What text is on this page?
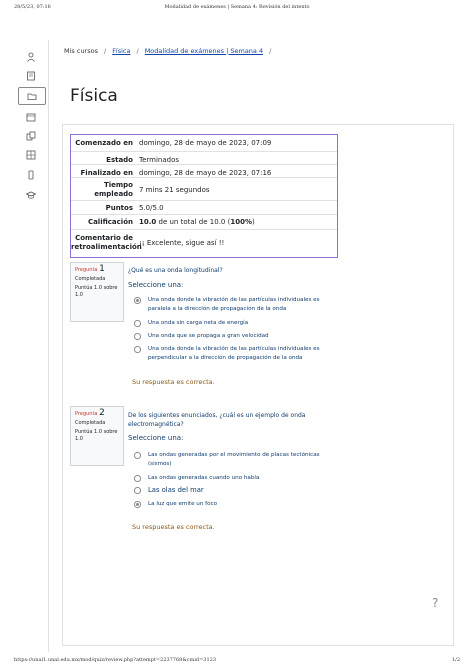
28/5/23, 07:16	Modalidad de exámenes | Semana 4: Revisión del intento
https://unal1.unal.edu.mx/mod/quiz/review.php?attempt=2237768&cmid=3123	1/2
Mis cursos / Física / Modalidad de exámenes | Semana 4 /
Física
Comenzado en domingo, 28 de mayo de 2023, 07:09
Estado Terminados
Finalizado en domingo, 28 de mayo de 2023, 07:16
Tiempo empleado
7 mins 21 segundos
Puntos 5.0/5.0
Calificación 10.0 de un total de 10.0 (100%)
Comentario de retroalimentación
¡¡ Excelente, sigue así !!
Pregunta 1
Completada
Puntúa 1.0 sobre 1.0
¿Qué es una onda longitudinal?
Seleccione una:
Una onda donde la vibración de las partículas individuales es paralela a la dirección de propagación de la onda
Una onda sin carga neta de energía
Una onda que se propaga a gran velocidad
Una onda donde la vibración de las partículas individuales es perpendicular a la dirección de propagación de la onda
Su respuesta es correcta.
Pregunta 2
Completada
Puntúa 1.0 sobre 1.0
De los siguientes enunciados, ¿cuál es un ejemplo de onda electromagnética?
Seleccione una:
Las ondas generadas por el movimiento de placas tectónicas (sismos)
Las ondas generadas cuando uno habla
Las olas del mar
La luz que emite un foco
Su respuesta es correcta.
?
